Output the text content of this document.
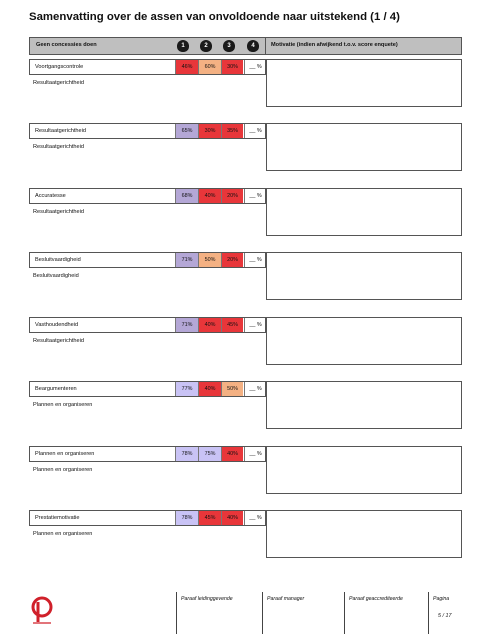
Samenvatting over de assen van onvoldoende naar uitstekend (1 / 4)
Geen concessies doen	1	2	3	4	Motivatie (indien afwijkend t.o.v. score enquete)
Voortgangscontrole	46%	60%	30%	__ %
Resultaatgerichtheid
Resultaatgerichtheid	65%	30%	35%	__ %
Resultaatgerichtheid
Accuratesse	68%	40%	20%	__ %
Resultaatgerichtheid
Besluitvaardigheid	71%	50%	20%	__ %
Besluitvaardigheid
Vasthoudendheid	71%	40%	45%	__ %
Resultaatgerichtheid
Beargumenteren	77%	40%	50%	__ %
Plannen en organiseren
Plannen en organiseren	78%	75%	40%	__ %
Plannen en organiseren
Prestatiemotivatie	78%	45%	40%	__ %
Plannen en organiseren
Paraaf leidinggevende	Paraaf manager	Paraaf geaccrediteerde	Pagina
5 / 17
